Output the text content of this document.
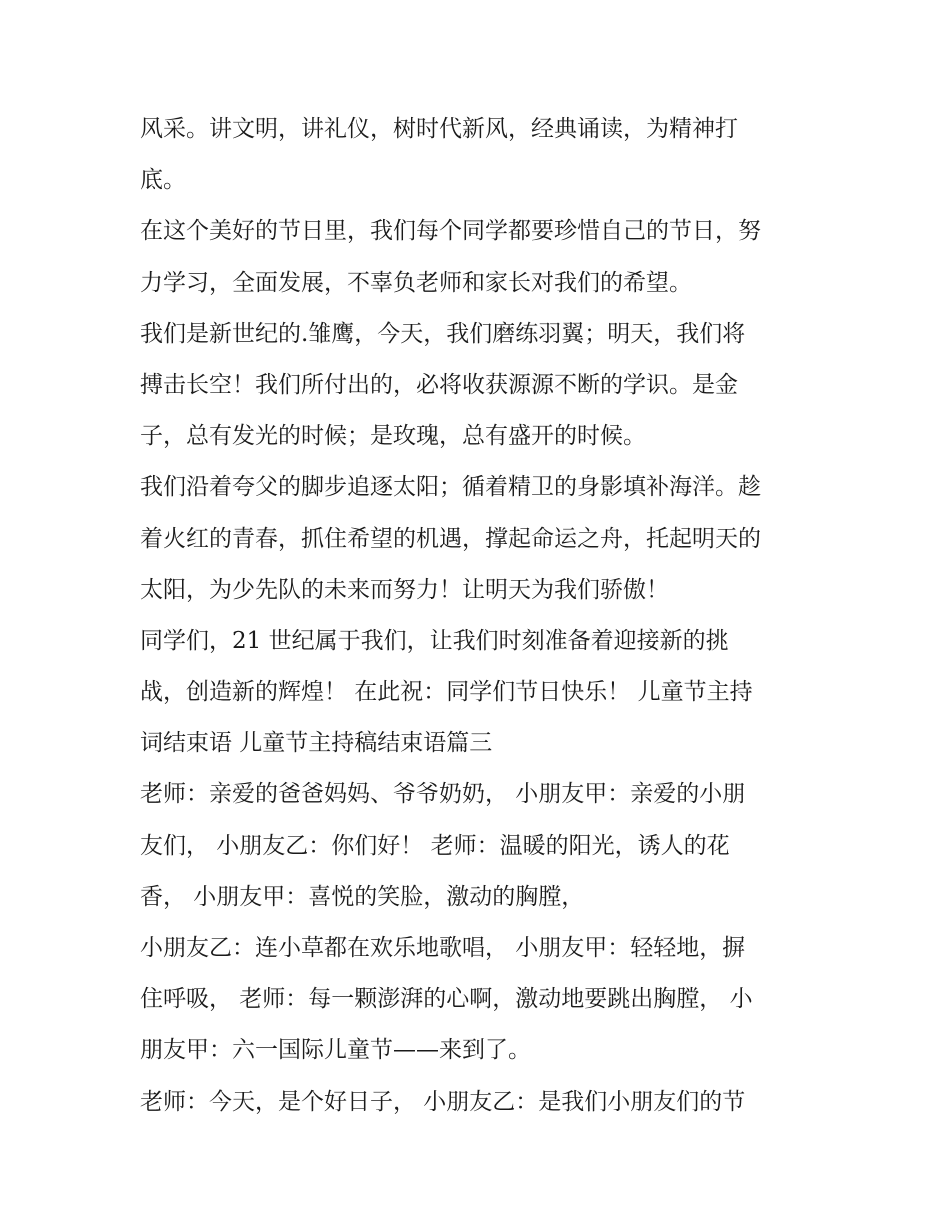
风采。讲文明，讲礼仪，树时代新风，经典诵读，为精神打
底。
在这个美好的节日里，我们每个同学都要珍惜自己的节日，努
力学习，全面发展，不辜负老师和家长对我们的希望。
我们是新世纪的.雏鹰，今天，我们磨练羽翼；明天，我们将
搏击长空！我们所付出的，必将收获源源不断的学识。是金
子，总有发光的时候；是玫瑰，总有盛开的时候。
我们沿着夸父的脚步追逐太阳；循着精卫的身影填补海洋。趁
着火红的青春，抓住希望的机遇，撑起命运之舟，托起明天的
太阳，为少先队的未来而努力！让明天为我们骄傲！
同学们，21 世纪属于我们，让我们时刻准备着迎接新的挑
战，创造新的辉煌！ 在此祝：同学们节日快乐！ 儿童节主持
词结束语 儿童节主持稿结束语篇三
老师：亲爱的爸爸妈妈、爷爷奶奶， 小朋友甲：亲爱的小朋
友们， 小朋友乙：你们好！ 老师：温暖的阳光，诱人的花
香， 小朋友甲：喜悦的笑脸，激动的胸膛，
小朋友乙：连小草都在欢乐地歌唱， 小朋友甲：轻轻地，摒
住呼吸， 老师：每一颗澎湃的心啊，激动地要跳出胸膛， 小
朋友甲：六一国际儿童节——来到了。
老师：今天，是个好日子， 小朋友乙：是我们小朋友们的节
